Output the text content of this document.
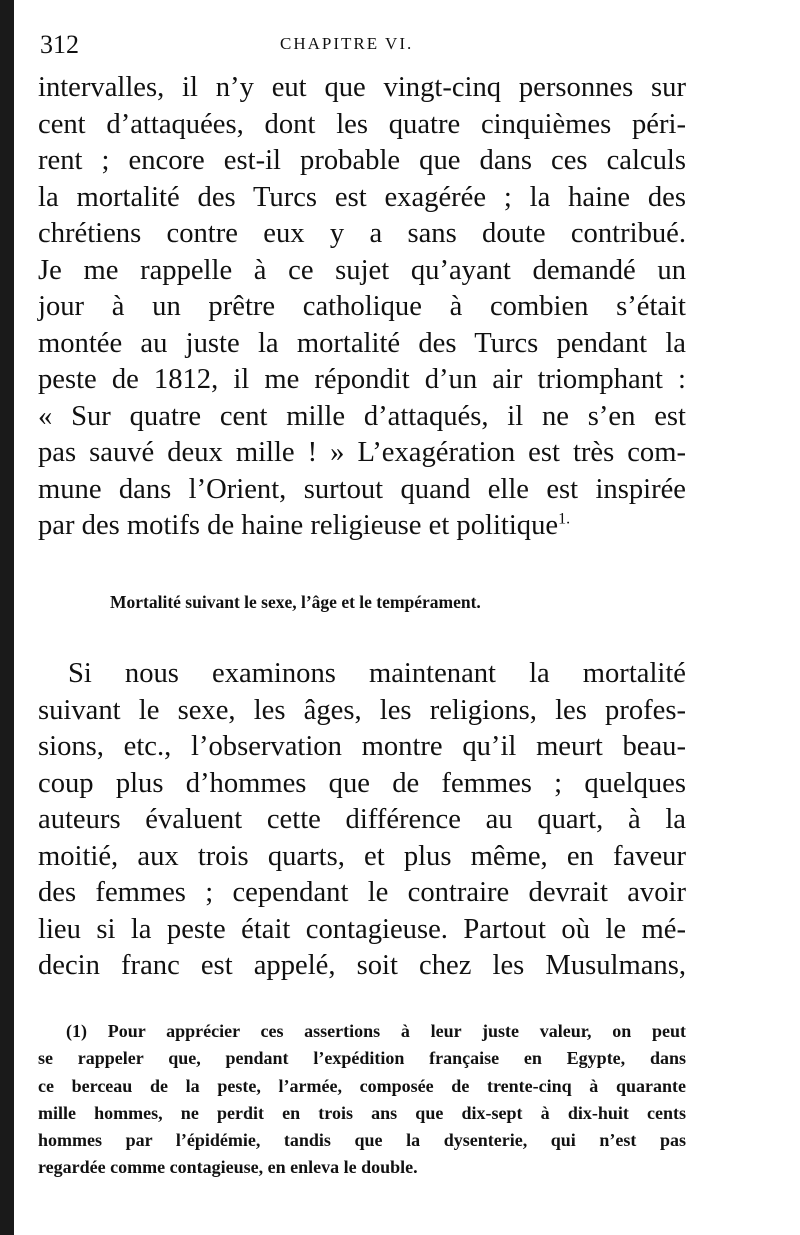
312	CHAPITRE VI.
intervalles, il n’y eut que vingt-cinq personnes sur
cent d’attaquées, dont les quatre cinquièmes péri-
rent ; encore est-il probable que dans ces calculs
la mortalité des Turcs est exagérée ; la haine des
chrétiens contre eux y a sans doute contribué.
Je me rappelle à ce sujet qu’ayant demandé un
jour à un prêtre catholique à combien s’était
montée au juste la mortalité des Turcs pendant la
peste de 1812, il me répondit d’un air triomphant :
« Sur quatre cent mille d’attaqués, il ne s’en est
pas sauvé deux mille ! » L’exagération est très com-
mune dans l’Orient, surtout quand elle est inspirée
par des motifs de haine religieuse et politique$^{1.}$
Mortalité suivant le sexe, l’âge et le tempérament.
Si nous examinons maintenant la mortalité
suivant le sexe, les âges, les religions, les profes-
sions, etc., l’observation montre qu’il meurt beau-
coup plus d’hommes que de femmes ; quelques
auteurs évaluent cette différence au quart, à la
moitié, aux trois quarts, et plus même, en faveur
des femmes ; cependant le contraire devrait avoir
lieu si la peste était contagieuse. Partout où le mé-
decin franc est appelé, soit chez les Musulmans,
(1) Pour apprécier ces assertions à leur juste valeur, on peut
se rappeler que, pendant l’expédition française en Egypte, dans
ce berceau de la peste, l’armée, composée de trente-cinq à quarante
mille hommes, ne perdit en trois ans que dix-sept à dix-huit cents
hommes par l’épidémie, tandis que la dysenterie, qui n’est pas
regardée comme contagieuse, en enleva le double.
